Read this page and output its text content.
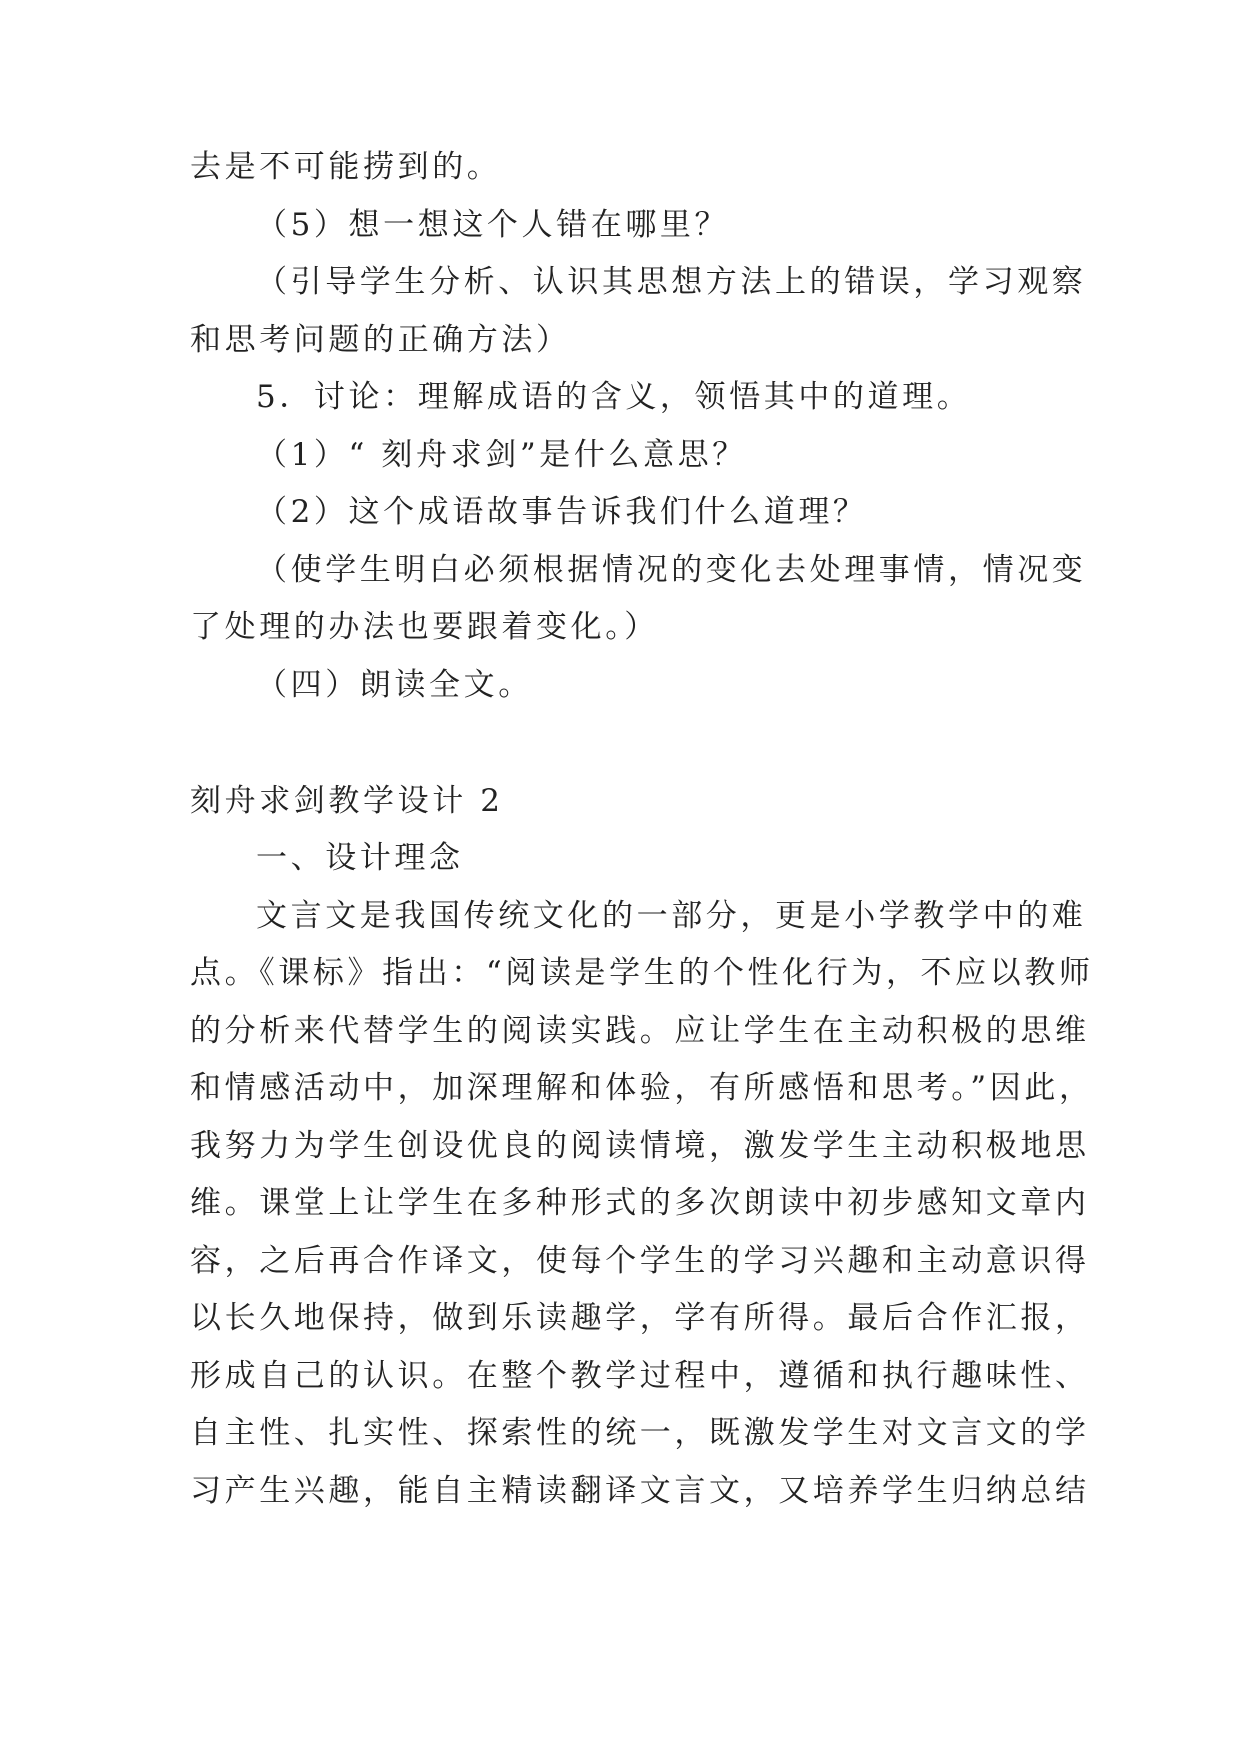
去是不可能捞到的。
（5）想一想这个人错在哪里？
（引导学生分析、认识其思想方法上的错误，学习观察
和思考问题的正确方法）
5．讨论：理解成语的含义，领悟其中的道理。
（1）“ 刻舟求剑”是什么意思？
（2）这个成语故事告诉我们什么道理？
（使学生明白必须根据情况的变化去处理事情，情况变
了处理的办法也要跟着变化。）
（四）朗读全文。
刻舟求剑教学设计 2
一、设计理念
文言文是我国传统文化的一部分，更是小学教学中的难
点。《课标》指出：“阅读是学生的个性化行为，不应以教师
的分析来代替学生的阅读实践。应让学生在主动积极的思维
和情感活动中，加深理解和体验，有所感悟和思考。”因此，
我努力为学生创设优良的阅读情境，激发学生主动积极地思
维。课堂上让学生在多种形式的多次朗读中初步感知文章内
容，之后再合作译文，使每个学生的学习兴趣和主动意识得
以长久地保持，做到乐读趣学，学有所得。最后合作汇报，
形成自己的认识。在整个教学过程中，遵循和执行趣味性、
自主性、扎实性、探索性的统一，既激发学生对文言文的学
习产生兴趣，能自主精读翻译文言文，又培养学生归纳总结
